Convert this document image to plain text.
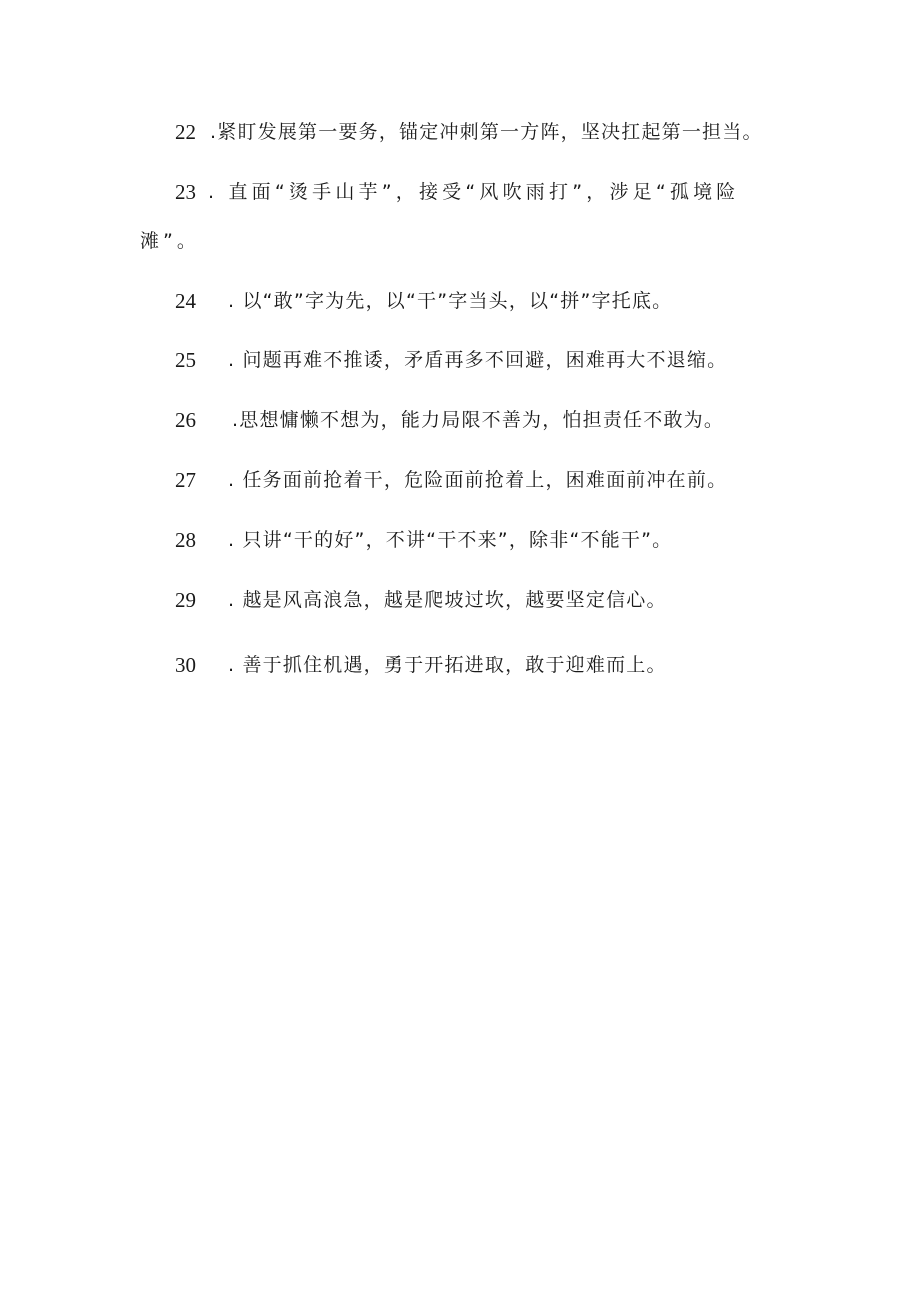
22 .紧盯发展第一要务，锚定冲刺第一方阵，坚决扛起第一担当。
23 . 直面“烫手山芋”，接受“风吹雨打”，涉足“孤境险
滩”。
24 . 以“敢”字为先，以“干”字当头，以“拼”字托底。
25 . 问题再难不推诿，矛盾再多不回避，困难再大不退缩。
26 .思想慵懒不想为，能力局限不善为，怕担责任不敢为。
27 . 任务面前抢着干，危险面前抢着上，困难面前冲在前。
28 . 只讲“干的好”，不讲“干不来”，除非“不能干”。
29 . 越是风高浪急，越是爬坡过坎，越要坚定信心。
30 . 善于抓住机遇，勇于开拓进取，敢于迎难而上。
